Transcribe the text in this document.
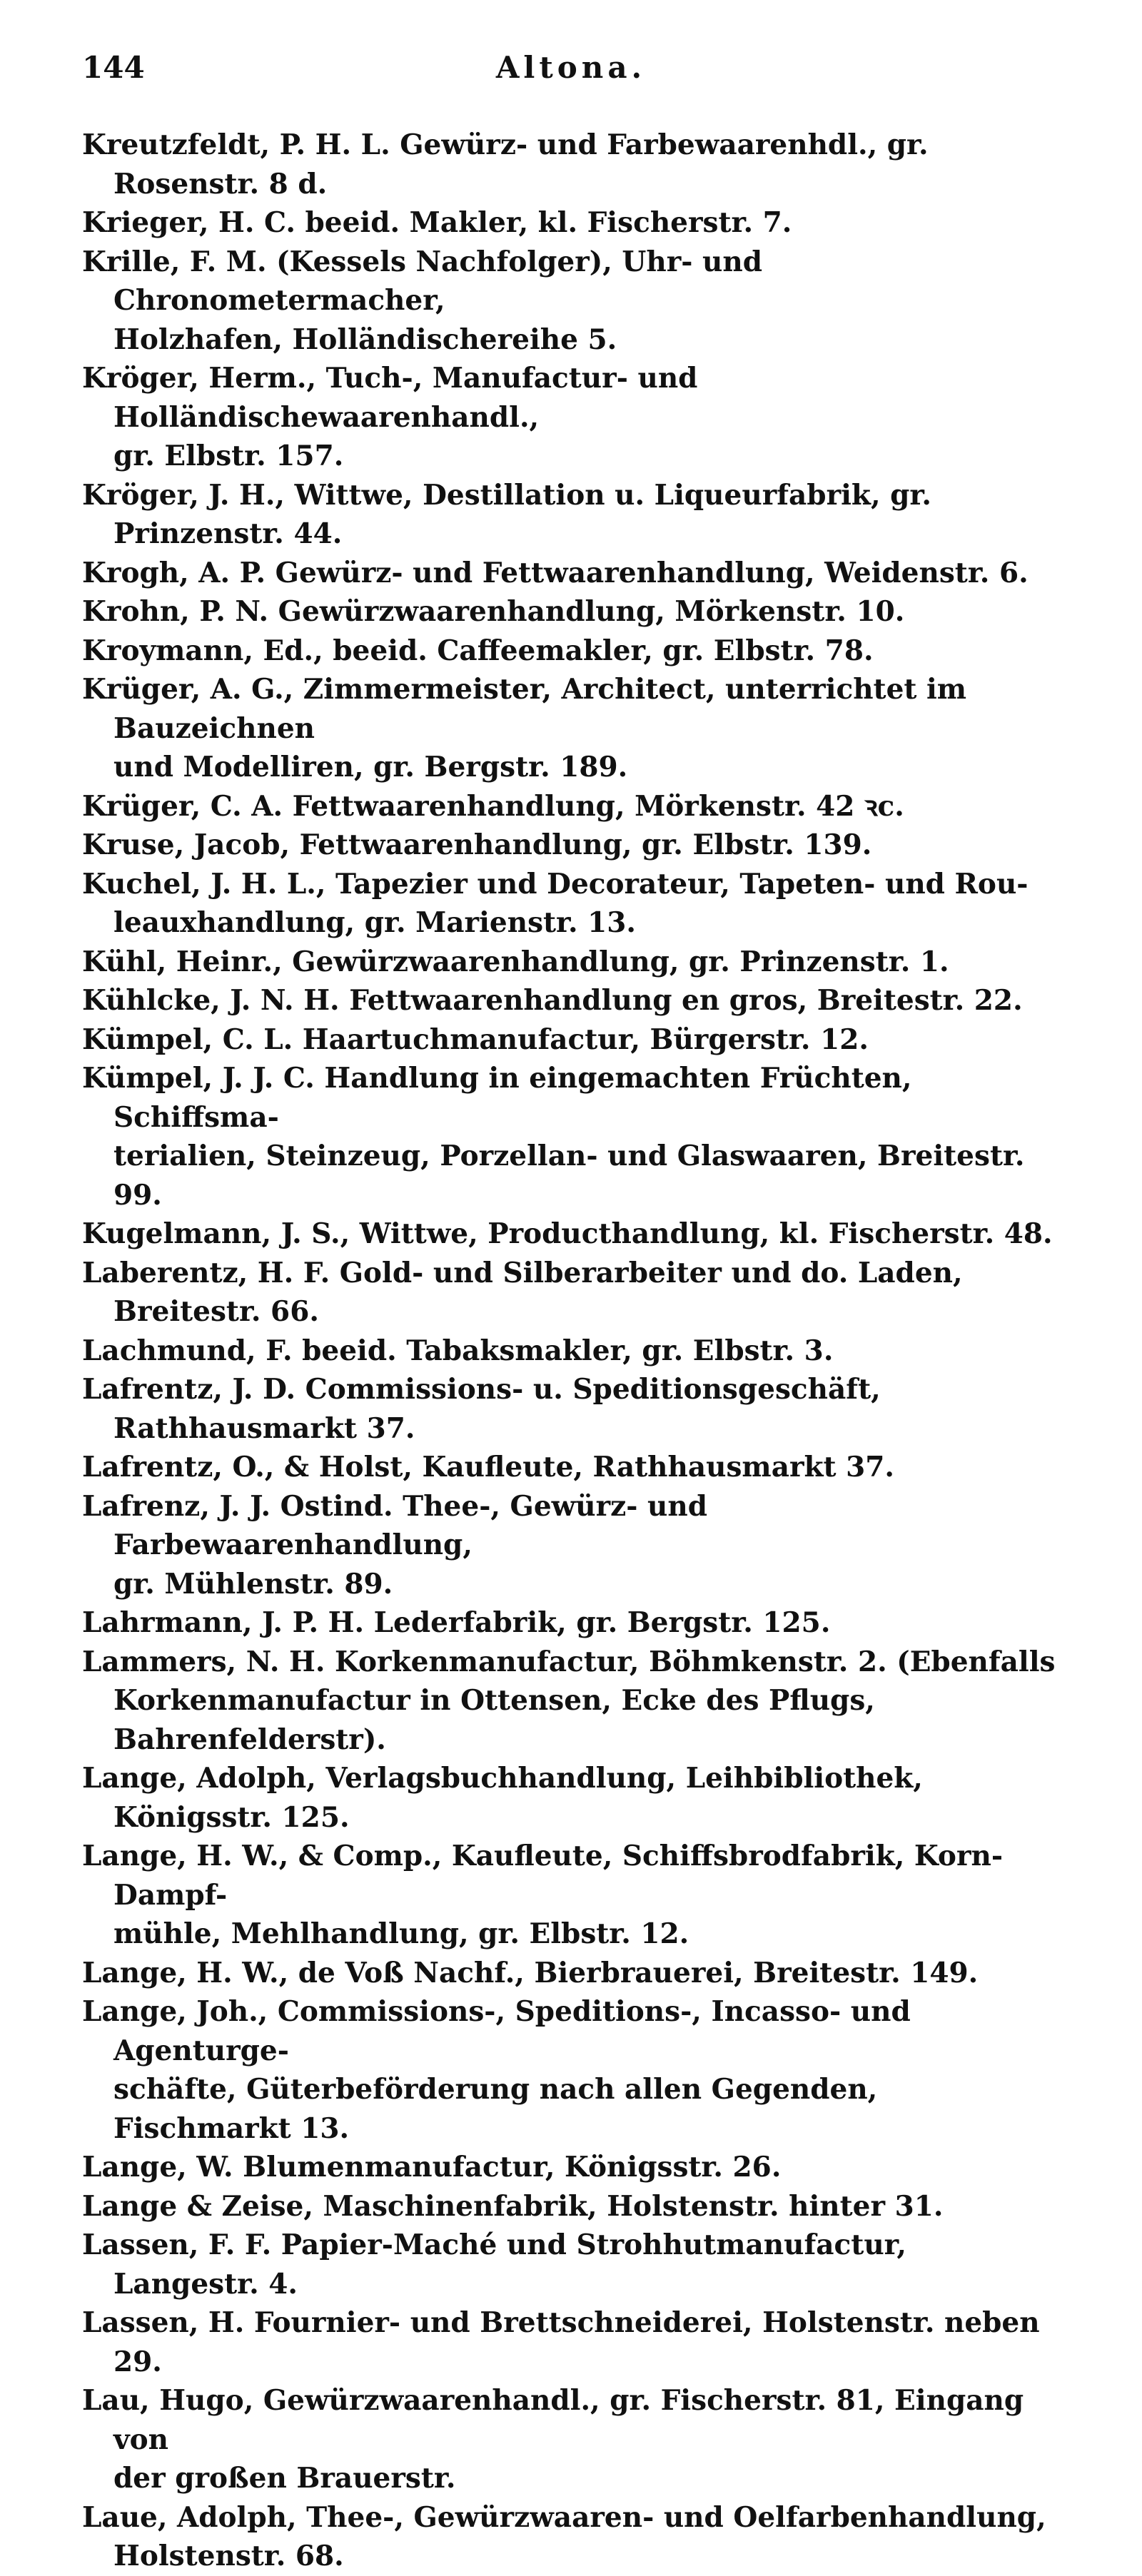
144	Altona.
Kreutzfeldt, P. H. L. Gewürz- und Farbewaarenhdl., gr. Rosenstr. 8 d.
Krieger, H. C. beeid. Makler, kl. Fischerstr. 7.
Krille, F. M. (Kessels Nachfolger), Uhr- und Chronometermacher,
Holzhafen, Holländischereihe 5.
Kröger, Herm., Tuch-, Manufactur- und Holländischewaarenhandl.,
gr. Elbstr. 157.
Kröger, J. H., Wittwe, Destillation u. Liqueurfabrik, gr. Prinzenstr. 44.
Krogh, A. P. Gewürz- und Fettwaarenhandlung, Weidenstr. 6.
Krohn, P. N. Gewürzwaarenhandlung, Mörkenstr. 10.
Kroymann, Ed., beeid. Caffeemakler, gr. Elbstr. 78.
Krüger, A. G., Zimmermeister, Architect, unterrichtet im Bauzeichnen
und Modelliren, gr. Bergstr. 189.
Krüger, C. A. Fettwaarenhandlung, Mörkenstr. 42 ꝛc.
Kruse, Jacob, Fettwaarenhandlung, gr. Elbstr. 139.
Kuchel, J. H. L., Tapezier und Decorateur, Tapeten- und Rou-
leauxhandlung, gr. Marienstr. 13.
Kühl, Heinr., Gewürzwaarenhandlung, gr. Prinzenstr. 1.
Kühlcke, J. N. H. Fettwaarenhandlung en gros, Breitestr. 22.
Kümpel, C. L. Haartuchmanufactur, Bürgerstr. 12.
Kümpel, J. J. C. Handlung in eingemachten Früchten, Schiffsma-
terialien, Steinzeug, Porzellan- und Glaswaaren, Breitestr. 99.
Kugelmann, J. S., Wittwe, Producthandlung, kl. Fischerstr. 48.
Laberentz, H. F. Gold- und Silberarbeiter und do. Laden, Breitestr. 66.
Lachmund, F. beeid. Tabaksmakler, gr. Elbstr. 3.
Lafrentz, J. D. Commissions- u. Speditionsgeschäft, Rathhausmarkt 37.
Lafrentz, O., & Holst, Kaufleute, Rathhausmarkt 37.
Lafrenz, J. J. Ostind. Thee-, Gewürz- und Farbewaarenhandlung,
gr. Mühlenstr. 89.
Lahrmann, J. P. H. Lederfabrik, gr. Bergstr. 125.
Lammers, N. H. Korkenmanufactur, Böhmkenstr. 2. (Ebenfalls
Korkenmanufactur in Ottensen, Ecke des Pflugs, Bahrenfelderstr).
Lange, Adolph, Verlagsbuchhandlung, Leihbibliothek, Königsstr. 125.
Lange, H. W., & Comp., Kaufleute, Schiffsbrodfabrik, Korn-Dampf-
mühle, Mehlhandlung, gr. Elbstr. 12.
Lange, H. W., de Voß Nachf., Bierbrauerei, Breitestr. 149.
Lange, Joh., Commissions-, Speditions-, Incasso- und Agenturge-
schäfte, Güterbeförderung nach allen Gegenden, Fischmarkt 13.
Lange, W. Blumenmanufactur, Königsstr. 26.
Lange & Zeise, Maschinenfabrik, Holstenstr. hinter 31.
Lassen, F. F. Papier-Maché und Strohhutmanufactur, Langestr. 4.
Lassen, H. Fournier- und Brettschneiderei, Holstenstr. neben 29.
Lau, Hugo, Gewürzwaarenhandl., gr. Fischerstr. 81, Eingang von
der großen Brauerstr.
Laue, Adolph, Thee-, Gewürzwaaren- und Oelfarbenhandlung,
Holstenstr. 68.
